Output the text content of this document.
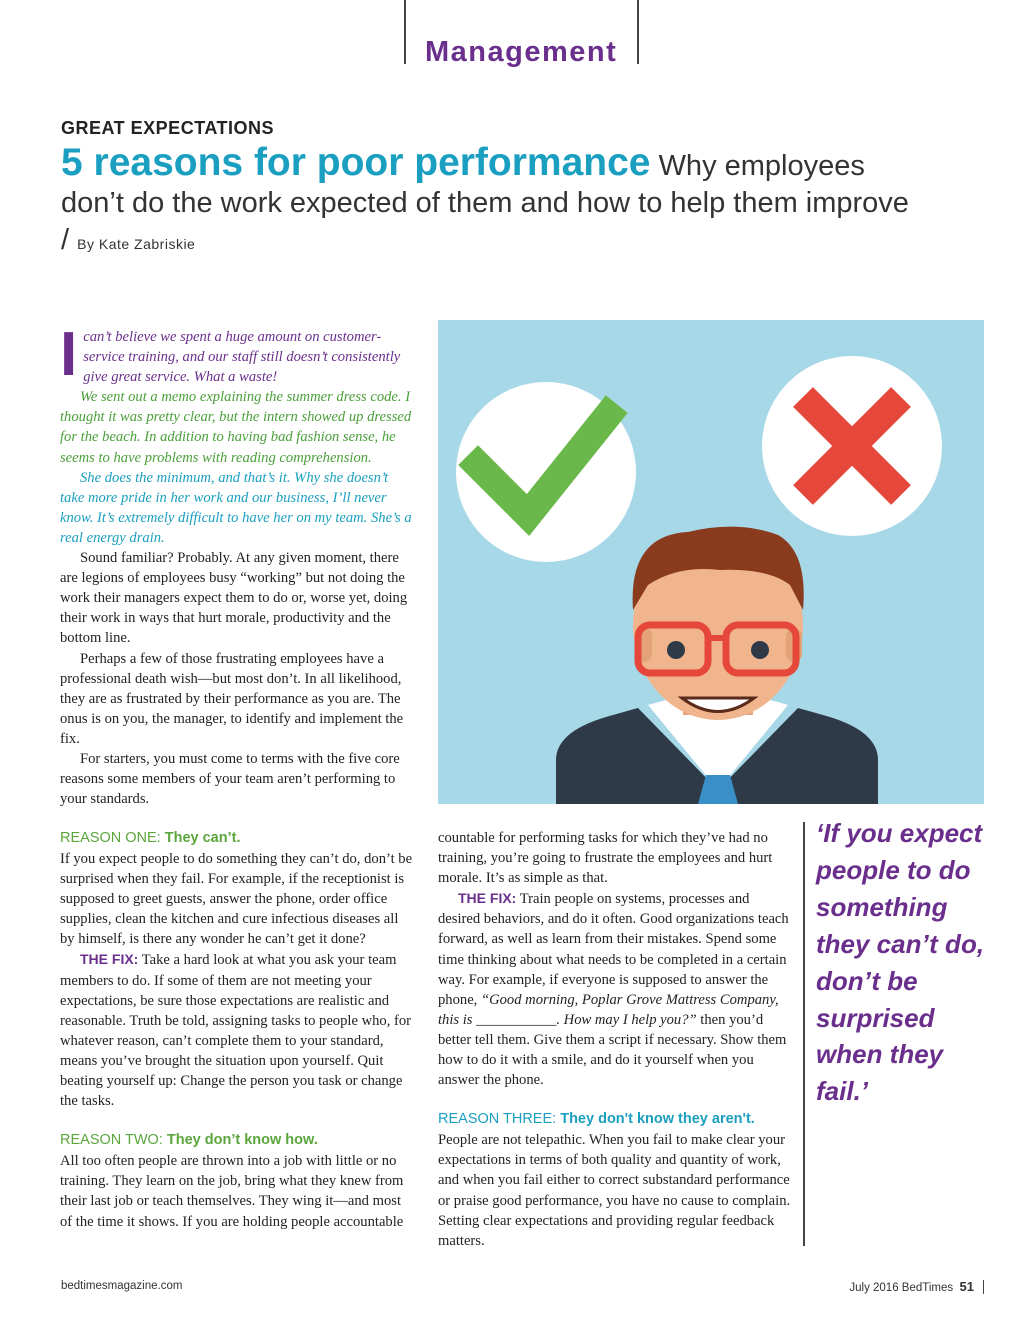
Management
GREAT EXPECTATIONS
5 reasons for poor performance Why employees don’t do the work expected of them and how to help them improve / By Kate Zabriskie
I can’t believe we spent a huge amount on customer-service training, and our staff still doesn’t consistently give great service. What a waste!

We sent out a memo explaining the summer dress code. I thought it was pretty clear, but the intern showed up dressed for the beach. In addition to having bad fashion sense, he seems to have problems with reading comprehension.

She does the minimum, and that’s it. Why she doesn’t take more pride in her work and our business, I’ll never know. It’s extremely difficult to have her on my team. She’s a real energy drain.

Sound familiar? Probably. At any given moment, there are legions of employees busy “working” but not doing the work their managers expect them to do or, worse yet, doing their work in ways that hurt morale, productivity and the bottom line.

Perhaps a few of those frustrating employees have a professional death wish—but most don’t. In all likelihood, they are as frustrated by their performance as you are. The onus is on you, the manager, to identify and implement the fix.

For starters, you must come to terms with the five core reasons some members of your team aren’t performing to your standards.

REASON ONE: They can’t.

If you expect people to do something they can’t do, don’t be surprised when they fail. For example, if the receptionist is supposed to greet guests, answer the phone, order office supplies, clean the kitchen and cure infectious diseases all by himself, is there any wonder he can’t get it done?

THE FIX: Take a hard look at what you ask your team members to do. If some of them are not meeting your expectations, be sure those expectations are realistic and reasonable. Truth be told, assigning tasks to people who, for whatever reason, can’t complete them to your standard, means you’ve brought the situation upon yourself. Quit beating yourself up: Change the person you task or change the tasks.

REASON TWO: They don’t know how.

All too often people are thrown into a job with little or no training. They learn on the job, bring what they knew from their last job or teach themselves. They wing it—and most of the time it shows. If you are holding people accountable

countable for performing tasks for which they’ve had no training, you’re going to frustrate the employees and hurt morale. It’s as simple as that.

THE FIX: Train people on systems, processes and desired behaviors, and do it often. Good organizations teach forward, as well as learn from their mistakes. Spend some time thinking about what needs to be completed in a certain way. For example, if everyone is supposed to answer the phone, “Good morning, Poplar Grove Mattress Company, this is ___________. How may I help you?” then you’d better tell them. Give them a script if necessary. Show them how to do it with a smile, and do it yourself when you answer the phone.

REASON THREE: They don't know they aren't.

People are not telepathic. When you fail to make clear your expectations in terms of both quality and quantity of work, and when you fail either to correct substandard performance or praise good performance, you have no cause to complain. Setting clear expectations and providing regular feedback matters.

‘If you expect people to do something they can’t do, don’t be surprised when they fail.’
bedtimesmagazine.com	July 2016 BedTimes 51
